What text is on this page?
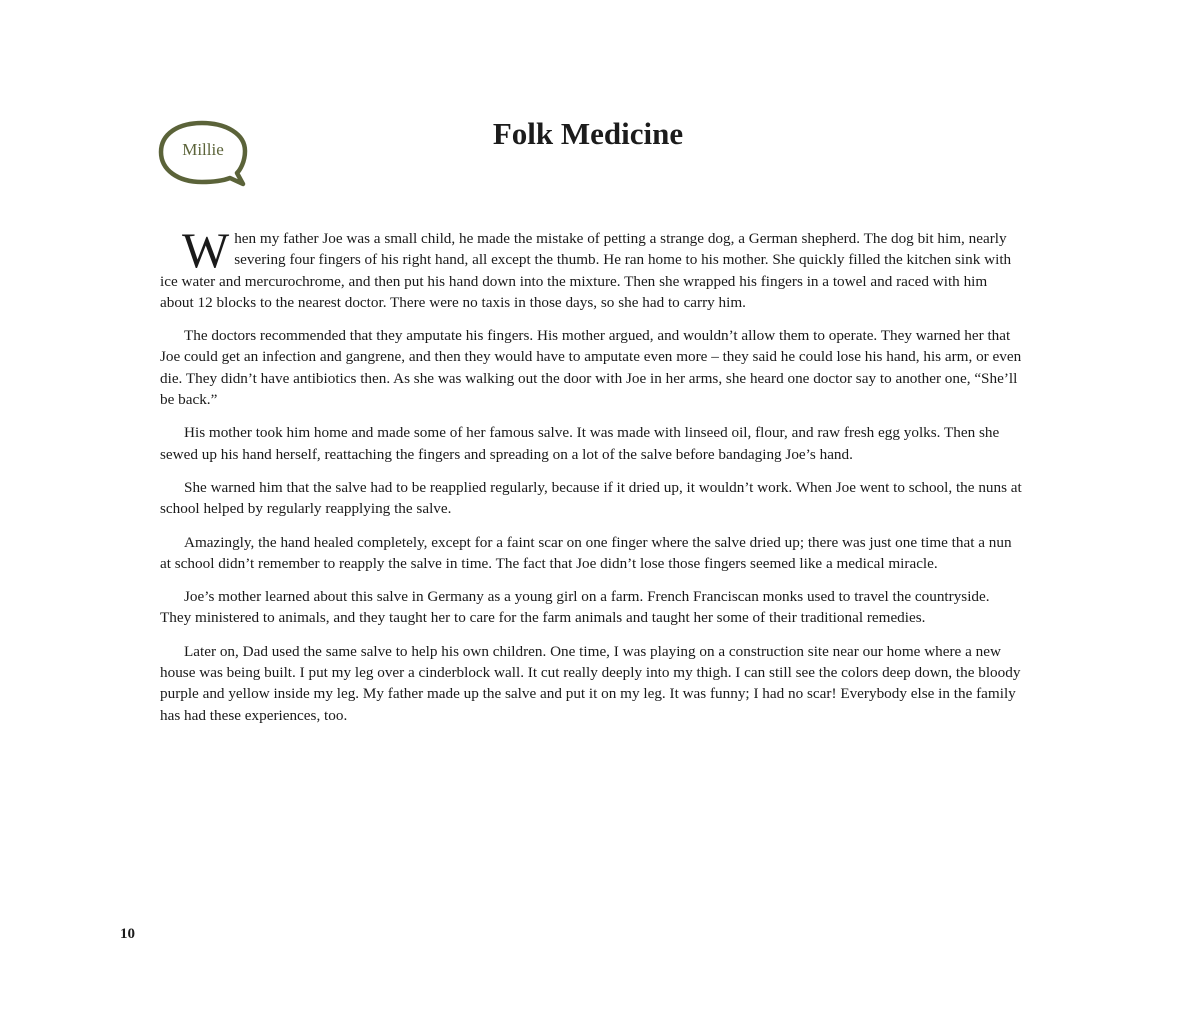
Millie	Folk Medicine

When my father Joe was a small child, he made the mistake of petting a strange dog, a German shepherd. The dog bit him, nearly severing four fingers of his right hand, all except the thumb. He ran home to his mother. She quickly filled the kitchen sink with ice water and mercurochrome, and then put his hand down into the mixture. Then she wrapped his fingers in a towel and raced with him about 12 blocks to the nearest doctor. There were no taxis in those days, so she had to carry him.

The doctors recommended that they amputate his fingers. His mother argued, and wouldn’t allow them to operate. They warned her that Joe could get an infection and gangrene, and then they would have to amputate even more – they said he could lose his hand, his arm, or even die. They didn’t have antibiotics then. As she was walking out the door with Joe in her arms, she heard one doctor say to another one, “She’ll be back.”

His mother took him home and made some of her famous salve. It was made with linseed oil, flour, and raw fresh egg yolks. Then she sewed up his hand herself, reattaching the fingers and spreading on a lot of the salve before bandaging Joe’s hand.

She warned him that the salve had to be reapplied regularly, because if it dried up, it wouldn’t work. When Joe went to school, the nuns at school helped by regularly reapplying the salve.

Amazingly, the hand healed completely, except for a faint scar on one finger where the salve dried up; there was just one time that a nun at school didn’t remember to reapply the salve in time. The fact that Joe didn’t lose those fingers seemed like a medical miracle.

Joe’s mother learned about this salve in Germany as a young girl on a farm. French Franciscan monks used to travel the countryside. They ministered to animals, and they taught her to care for the farm animals and taught her some of their traditional remedies.

Later on, Dad used the same salve to help his own children. One time, I was playing on a construction site near our home where a new house was being built. I put my leg over a cinderblock wall. It cut really deeply into my thigh. I can still see the colors deep down, the bloody purple and yellow inside my leg. My father made up the salve and put it on my leg. It was funny; I had no scar! Everybody else in the family has had these experiences, too.

10
